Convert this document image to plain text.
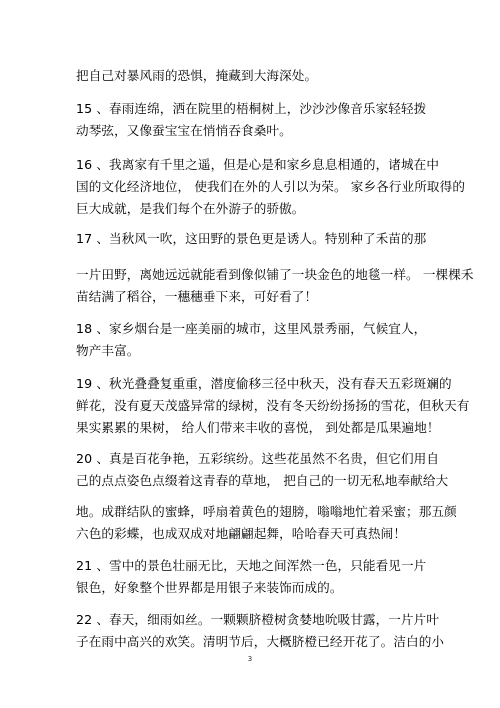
把自己对暴风雨的恐惧，掩藏到大海深处。
15 、春雨连绵，洒在院里的梧桐树上，沙沙沙像音乐家轻轻拨
动琴弦，又像蚕宝宝在悄悄吞食桑叶。
16 、我离家有千里之遥，但是心是和家乡息息相通的，诸城在中
国的文化经济地位， 使我们在外的人引以为荣。 家乡各行业所取得的
巨大成就，是我们每个在外游子的骄傲。
17 、当秋风一吹，这田野的景色更是诱人。特别种了禾苗的那
一片田野，离她远远就能看到像似铺了一块金色的地毯一样。 一棵棵禾
苗结满了稻谷，一穗穗垂下来，可好看了！
18 、家乡烟台是一座美丽的城市，这里风景秀丽，气候宜人，
物产丰富。
19 、秋光叠叠复重重，潜度偷移三径中秋天，没有春天五彩斑斓的
鲜花，没有夏天茂盛异常的绿树，没有冬天纷纷扬扬的雪花，但秋天有
果实累累的果树， 给人们带来丰收的喜悦， 到处都是瓜果遍地！
20 、真是百花争艳，五彩缤纷。这些花虽然不名贵，但它们用自
己的点点姿色点缀着这青春的草地， 把自己的一切无私地奉献给大
地。成群结队的蜜蜂，呼扇着黄色的翅膀，嗡嗡地忙着采蜜；那五颜
六色的彩蝶，也成双成对地翩翩起舞，哈哈春天可真热闹！
21 、雪中的景色壮丽无比，天地之间浑然一色，只能看见一片
银色，好象整个世界都是用银子来装饰而成的。
22 、春天，细雨如丝。一颗颗脐橙树贪婪地吮吸甘露，一片片叶
子在雨中高兴的欢笑。清明节后，大概脐橙已经开花了。洁白的小
3
